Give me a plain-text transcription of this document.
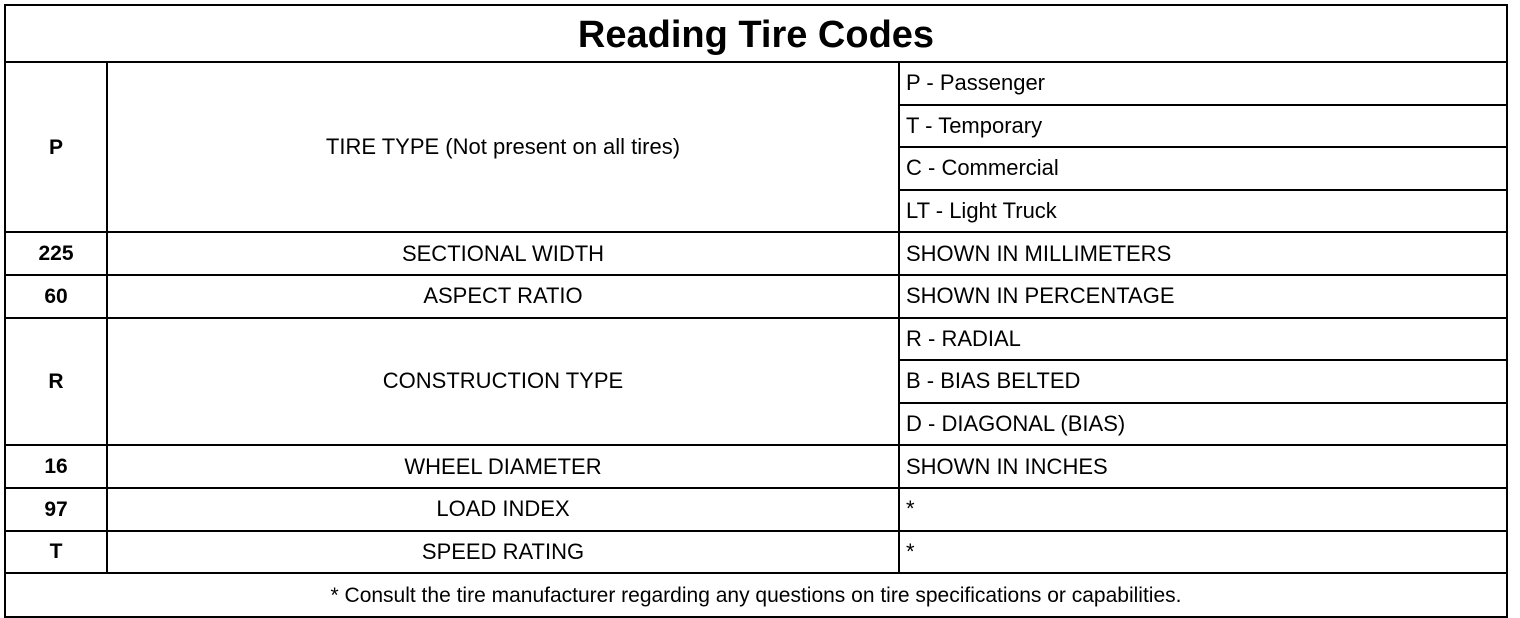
Reading Tire Codes		
P	TIRE TYPE (Not present on all tires)	P - Passenger
		T - Temporary
		C - Commercial
		LT - Light Truck
225	SECTIONAL WIDTH	SHOWN IN MILLIMETERS
60	ASPECT RATIO	SHOWN IN PERCENTAGE
R	CONSTRUCTION TYPE	R - RADIAL
		B - BIAS BELTED
		D - DIAGONAL (BIAS)
16	WHEEL DIAMETER	SHOWN IN INCHES
97	LOAD INDEX	*
T	SPEED RATING	*
* Consult the tire manufacturer regarding any questions on tire specifications or capabilities.		
